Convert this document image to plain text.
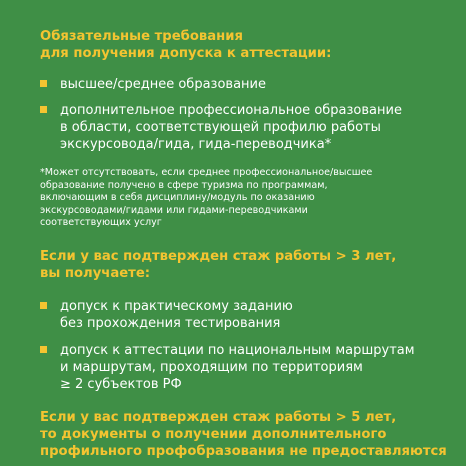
Обязательные требования
для получения допуска к аттестации:
высшее/среднее образование
дополнительное профессиональное образование
в области, соответствующей профилю работы
экскурсовода/гида, гида-переводчика*

*Может отсутствовать, если среднее профессиональное/высшее
образование получено в сфере туризма по программам,
включающим в себя дисциплину/модуль по оказанию
экскурсоводами/гидами или гидами-переводчиками
соответствующих услуг

Если у вас подтвержден стаж работы > 3 лет,
вы получаете:
допуск к практическому заданию
без прохождения тестирования
допуск к аттестации по национальным маршрутам
и маршрутам, проходящим по территориям
≥ 2 субъектов РФ
Если у вас подтвержден стаж работы > 5 лет,
то документы о получении дополнительного
профильного профобразования не предоставляются
